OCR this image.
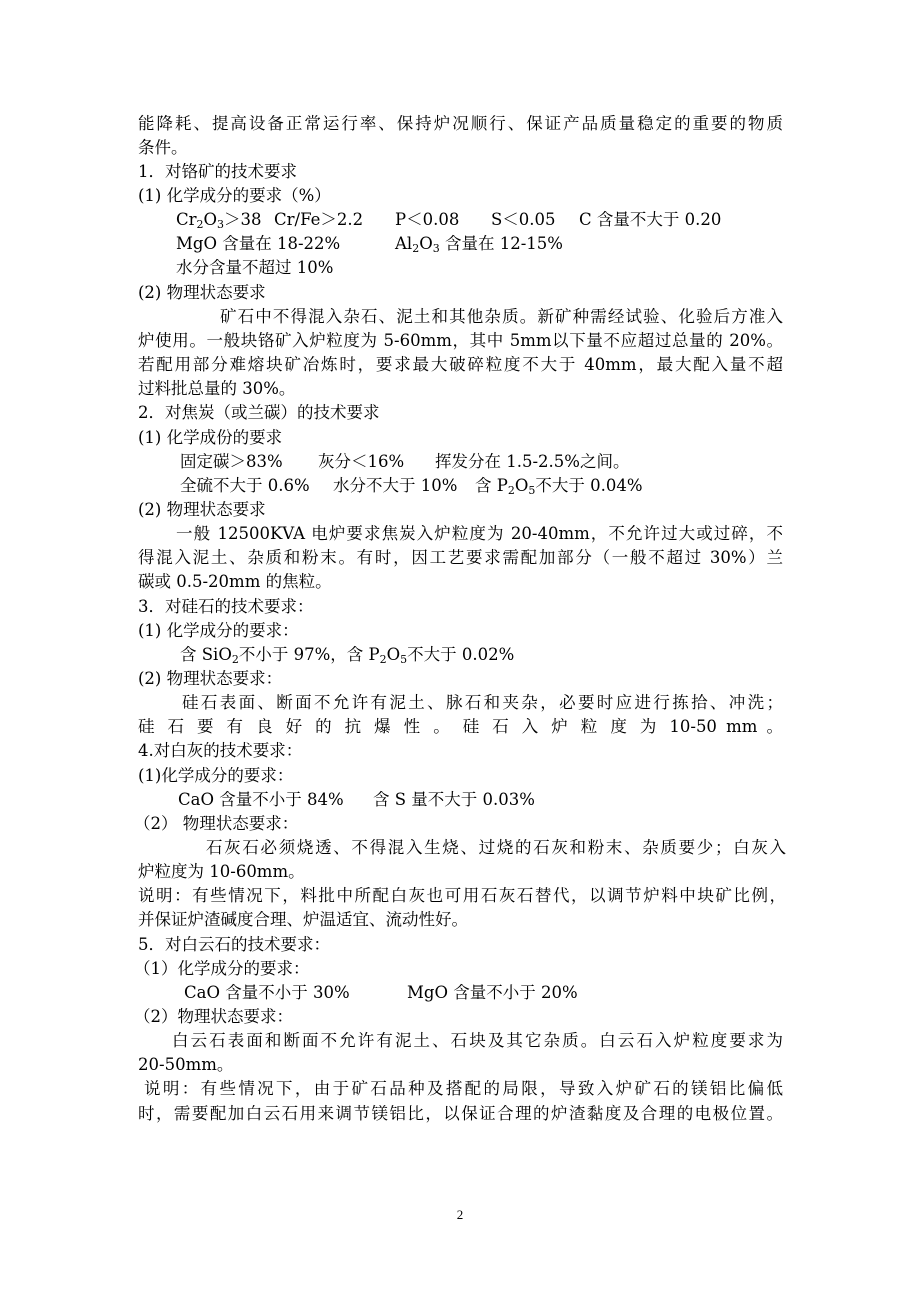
能降耗、提高设备正常运行率、保持炉况顺行、保证产品质量稳定的重要的物质
条件。
1．对铬矿的技术要求
(1) 化学成分的要求（%）
$Cr_2O_3>38$ Cr/Fe＞2.2 P＜0.08 S＜0.05 C 含量不大于 0.20
MgO 含量在 18-22%	$Al_2O_3$ 含量在 12-15%
水分含量不超过 10%
(2) 物理状态要求
矿石中不得混入杂石、泥土和其他杂质。新矿种需经试验、化验后方准入
炉使用。一般块铬矿入炉粒度为 5-60mm，其中 5mm以下量不应超过总量的 20%。
若配用部分难熔块矿冶炼时，要求最大破碎粒度不大于 40mm，最大配入量不超
过料批总量的 30%。
2．对焦炭（或兰碳）的技术要求
(1) 化学成份的要求
固定碳＞83% 灰分＜16% 挥发分在 1.5-2.5%之间。
全硫不大于 0.6% 水分不大于 10% 含 $P_2O_5$不大于 0.04%
(2) 物理状态要求
一般 12500KVA 电炉要求焦炭入炉粒度为 20-40mm，不允许过大或过碎，不
得混入泥土、杂质和粉末。有时，因工艺要求需配加部分（一般不超过 30%）兰
碳或 0.5-20mm 的焦粒。
3．对硅石的技术要求：
(1) 化学成分的要求：
含 SiO$_2$不小于 97%，含 $P_2O_5$不大于 0.02%
(2) 物理状态要求：
硅石表面、断面不允许有泥土、脉石和夹杂，必要时应进行拣拾、冲洗；
硅 石 要 有 良 好 的 抗 爆 性 。 硅 石 入 炉 粒 度 为 10-50 mm 。
4.对白灰的技术要求：
(1)化学成分的要求：
CaO 含量不小于 84% 含 S 量不大于 0.03%
（2） 物理状态要求：
石灰石必须烧透、不得混入生烧、过烧的石灰和粉末、杂质要少；白灰入
炉粒度为 10-60mm。
说明：有些情况下，料批中所配白灰也可用石灰石替代，以调节炉料中块矿比例，
并保证炉渣碱度合理、炉温适宜、流动性好。
5．对白云石的技术要求：
（1）化学成分的要求：
CaO 含量不小于 30%	MgO 含量不小于 20%
（2）物理状态要求：
白云石表面和断面不允许有泥土、石块及其它杂质。白云石入炉粒度要求为
20-50mm。
说明：有些情况下，由于矿石品种及搭配的局限，导致入炉矿石的镁铝比偏低
时，需要配加白云石用来调节镁铝比，以保证合理的炉渣黏度及合理的电极位置。
2
